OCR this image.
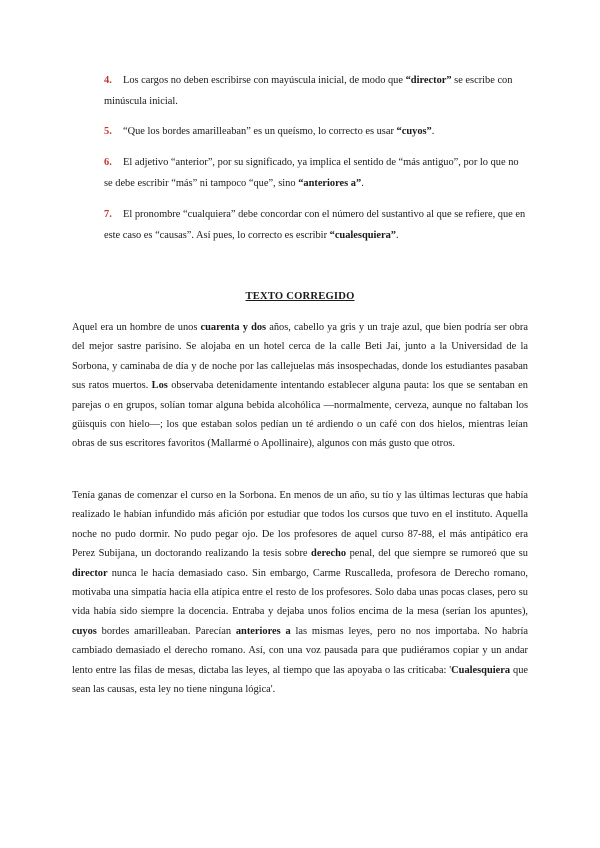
4.	Los cargos no deben escribirse con mayúscula inicial, de modo que “director” se escribe con minúscula inicial.
5. “Que los bordes amarilleaban” es un queísmo, lo correcto es usar “cuyos”.
6.	El adjetivo “anterior”, por su significado, ya implica el sentido de “más antiguo”, por lo que no se debe escribir “más” ni tampoco “que”, sino “anteriores a”.
7.	El pronombre “cualquiera” debe concordar con el número del sustantivo al que se refiere, que en este caso es “causas”. Así pues, lo correcto es escribir “cualesquiera”.
TEXTO CORREGIDO
Aquel era un hombre de unos cuarenta y dos años, cabello ya gris y un traje azul, que bien podría ser obra del mejor sastre parisino. Se alojaba en un hotel cerca de la calle Beti Jai, junto a la Universidad de la Sorbona, y caminaba de día y de noche por las callejuelas más insospechadas, donde los estudiantes pasaban sus ratos muertos. Los observaba detenidamente intentando establecer alguna pauta: los que se sentaban en parejas o en grupos, solían tomar alguna bebida alcohólica —normalmente, cerveza, aunque no faltaban los güisquis con hielo—; los que estaban solos pedían un té ardiendo o un café con dos hielos, mientras leían obras de sus escritores favoritos (Mallarmé o Apollinaire), algunos con más gusto que otros.
Tenía ganas de comenzar el curso en la Sorbona. En menos de un año, su tío y las últimas lecturas que había realizado le habían infundido más afición por estudiar que todos los cursos que tuvo en el instituto. Aquella noche no pudo dormir. No pudo pegar ojo. De los profesores de aquel curso 87-88, el más antipático era Perez Subijana, un doctorando realizando la tesis sobre derecho penal, del que siempre se rumoreó que su director nunca le hacía demasiado caso. Sin embargo, Carme Ruscalleda, profesora de Derecho romano, motivaba una simpatía hacia ella atípica entre el resto de los profesores. Solo daba unas pocas clases, pero su vida había sido siempre la docencia. Entraba y dejaba unos folios encima de la mesa (serían los apuntes), cuyos bordes amarilleaban. Parecían anteriores a las mismas leyes, pero no nos importaba. No habría cambiado demasiado el derecho romano. Así, con una voz pausada para que pudiéramos copiar y un andar lento entre las filas de mesas, dictaba las leyes, al tiempo que las apoyaba o las criticaba: 'Cualesquiera que sean las causas, esta ley no tiene ninguna lógica'.
